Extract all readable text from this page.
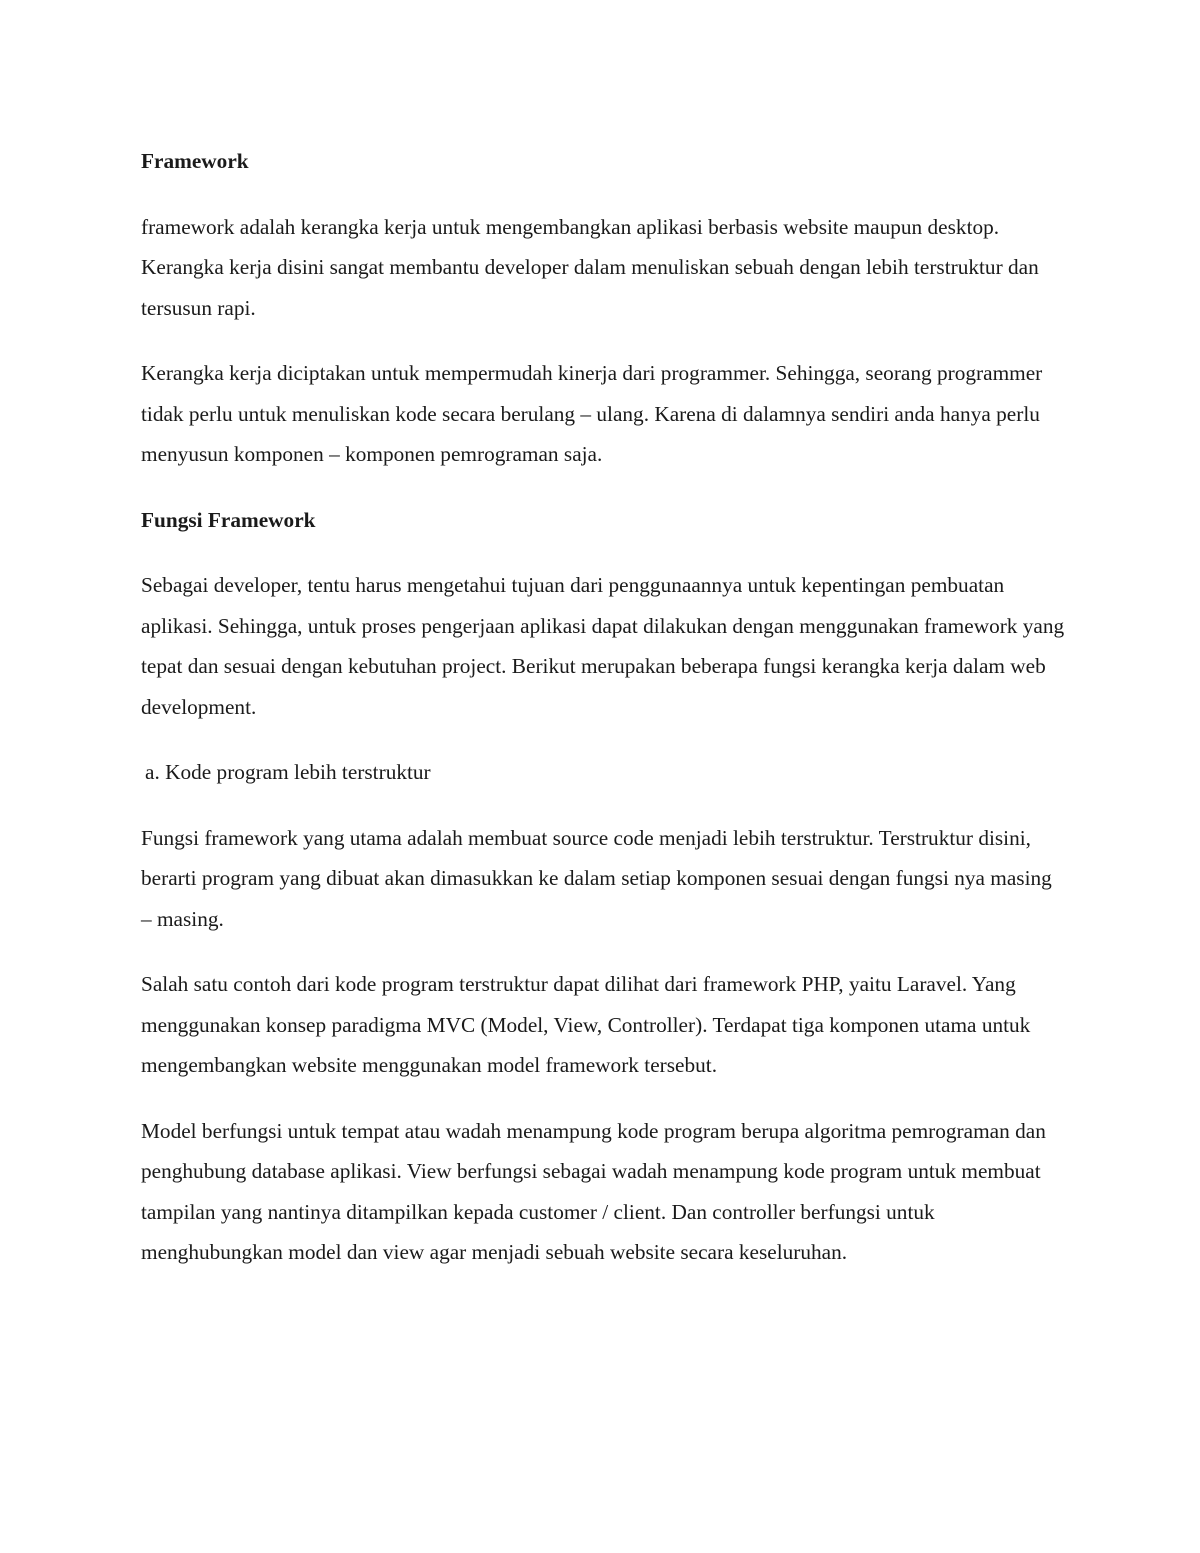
Framework

framework adalah kerangka kerja untuk mengembangkan aplikasi berbasis website maupun desktop. Kerangka kerja disini sangat membantu developer dalam menuliskan sebuah dengan lebih terstruktur dan tersusun rapi.

Kerangka kerja diciptakan untuk mempermudah kinerja dari programmer. Sehingga, seorang programmer tidak perlu untuk menuliskan kode secara berulang – ulang. Karena di dalamnya sendiri anda hanya perlu menyusun komponen – komponen pemrograman saja.

Fungsi Framework

Sebagai developer, tentu harus mengetahui tujuan dari penggunaannya untuk kepentingan pembuatan aplikasi. Sehingga, untuk proses pengerjaan aplikasi dapat dilakukan dengan menggunakan framework yang tepat dan sesuai dengan kebutuhan project. Berikut merupakan beberapa fungsi kerangka kerja dalam web development.

a. Kode program lebih terstruktur

Fungsi framework yang utama adalah membuat source code menjadi lebih terstruktur. Terstruktur disini, berarti program yang dibuat akan dimasukkan ke dalam setiap komponen sesuai dengan fungsi nya masing – masing.

Salah satu contoh dari kode program terstruktur dapat dilihat dari framework PHP, yaitu Laravel. Yang menggunakan konsep paradigma MVC (Model, View, Controller). Terdapat tiga komponen utama untuk mengembangkan website menggunakan model framework tersebut.

Model berfungsi untuk tempat atau wadah menampung kode program berupa algoritma pemrograman dan penghubung database aplikasi. View berfungsi sebagai wadah menampung kode program untuk membuat tampilan yang nantinya ditampilkan kepada customer / client. Dan controller berfungsi untuk menghubungkan model dan view agar menjadi sebuah website secara keseluruhan.
